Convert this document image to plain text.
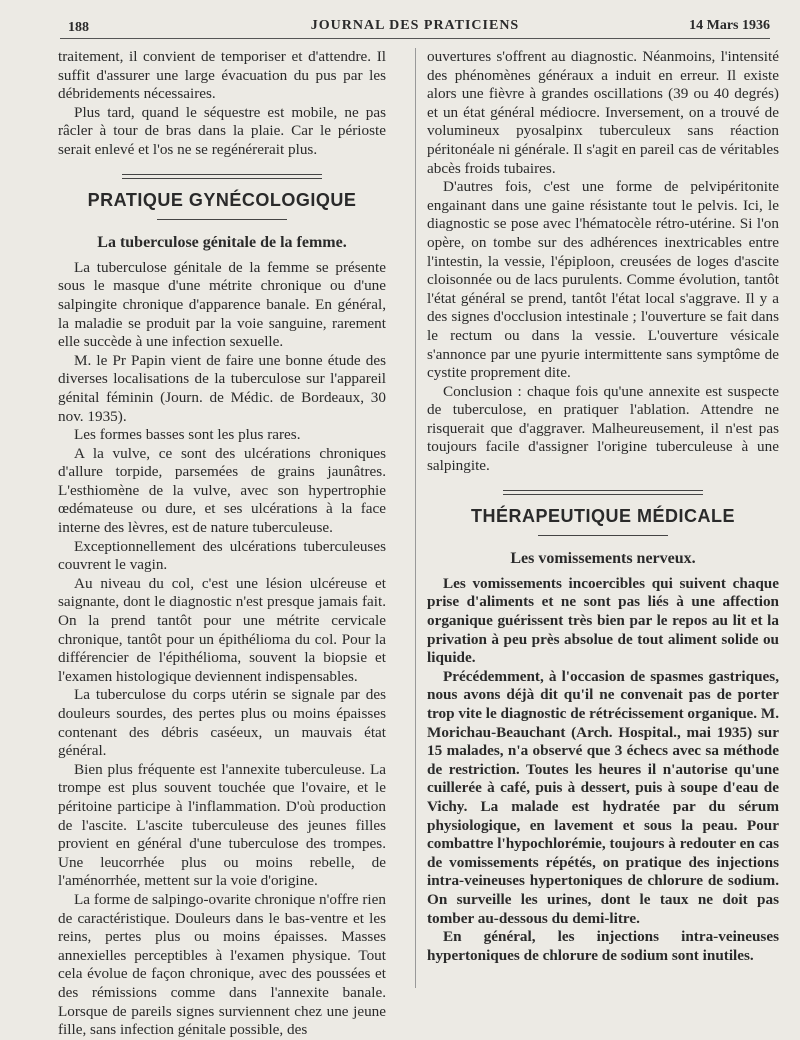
188	JOURNAL DES PRATICIENS	14 Mars 1936

traitement, il convient de temporiser et d'attendre. Il suffit d'assurer une large évacuation du pus par les débridements nécessaires.

Plus tard, quand le séquestre est mobile, ne pas râcler à tour de bras dans la plaie. Car le périoste serait enlevé et l'os ne se regénérerait plus.

PRATIQUE GYNÉCOLOGIQUE
La tuberculose génitale de la femme.

La tuberculose génitale de la femme se présente sous le masque d'une métrite chronique ou d'une salpingite chronique d'apparence banale. En général, la maladie se produit par la voie sanguine, rarement elle succède à une infection sexuelle.

M. le Pr Papin vient de faire une bonne étude des diverses localisations de la tuberculose sur l'appareil génital féminin (Journ. de Médic. de Bordeaux, 30 nov. 1935).

Les formes basses sont les plus rares.

A la vulve, ce sont des ulcérations chroniques d'allure torpide, parsemées de grains jaunâtres. L'esthiomène de la vulve, avec son hypertrophie œdémateuse ou dure, et ses ulcérations à la face interne des lèvres, est de nature tuberculeuse.

Exceptionnellement des ulcérations tuberculeuses couvrent le vagin.

Au niveau du col, c'est une lésion ulcéreuse et saignante, dont le diagnostic n'est presque jamais fait. On la prend tantôt pour une métrite cervicale chronique, tantôt pour un épithélioma du col. Pour la différencier de l'épithélioma, souvent la biopsie et l'examen histologique deviennent indispensables.

La tuberculose du corps utérin se signale par des douleurs sourdes, des pertes plus ou moins épaisses contenant des débris caséeux, un mauvais état général.

Bien plus fréquente est l'annexite tuberculeuse. La trompe est plus souvent touchée que l'ovaire, et le péritoine participe à l'inflammation. D'où production de l'ascite. L'ascite tuberculeuse des jeunes filles provient en général d'une tuberculose des trompes. Une leucorrhée plus ou moins rebelle, de l'aménorrhée, mettent sur la voie d'origine.

La forme de salpingo-ovarite chronique n'offre rien de caractéristique. Douleurs dans le bas-ventre et les reins, pertes plus ou moins épaisses. Masses annexielles perceptibles à l'examen physique. Tout cela évolue de façon chronique, avec des poussées et des rémissions comme dans l'annexite banale. Lorsque de pareils signes surviennent chez une jeune fille, sans infection génitale possible, des

ouvertures s'offrent au diagnostic. Néanmoins, l'intensité des phénomènes généraux a induit en erreur. Il existe alors une fièvre à grandes oscillations (39 ou 40 degrés) et un état général médiocre. Inversement, on a trouvé de volumineux pyosalpinx tuberculeux sans réaction péritonéale ni générale. Il s'agit en pareil cas de véritables abcès froids tubaires.

D'autres fois, c'est une forme de pelvipéritonite engainant dans une gaine résistante tout le pelvis. Ici, le diagnostic se pose avec l'hématocèle rétro-utérine. Si l'on opère, on tombe sur des adhérences inextricables entre l'intestin, la vessie, l'épiploon, creusées de loges d'ascite cloisonnée ou de lacs purulents. Comme évolution, tantôt l'état général se prend, tantôt l'état local s'aggrave. Il y a des signes d'occlusion intestinale ; l'ouverture se fait dans le rectum ou dans la vessie. L'ouverture vésicale s'annonce par une pyurie intermittente sans symptôme de cystite proprement dite.

Conclusion : chaque fois qu'une annexite est suspecte de tuberculose, en pratiquer l'ablation. Attendre ne risquerait que d'aggraver. Malheureusement, il n'est pas toujours facile d'assigner l'origine tuberculeuse à une salpingite.

THÉRAPEUTIQUE MÉDICALE
Les vomissements nerveux.

Les vomissements incoercibles qui suivent chaque prise d'aliments et ne sont pas liés à une affection organique guérissent très bien par le repos au lit et la privation à peu près absolue de tout aliment solide ou liquide.

Précédemment, à l'occasion de spasmes gastriques, nous avons déjà dit qu'il ne convenait pas de porter trop vite le diagnostic de rétrécissement organique. M. Morichau-Beauchant (Arch. Hospital., mai 1935) sur 15 malades, n'a observé que 3 échecs avec sa méthode de restriction. Toutes les heures il n'autorise qu'une cuillerée à café, puis à dessert, puis à soupe d'eau de Vichy. La malade est hydratée par du sérum physiologique, en lavement et sous la peau. Pour combattre l'hypochlorémie, toujours à redouter en cas de vomissements répétés, on pratique des injections intra-veineuses hypertoniques de chlorure de sodium. On surveille les urines, dont le taux ne doit pas tomber au-dessous du demi-litre.

En général, les injections intra-veineuses hypertoniques de chlorure de sodium sont inutiles.
